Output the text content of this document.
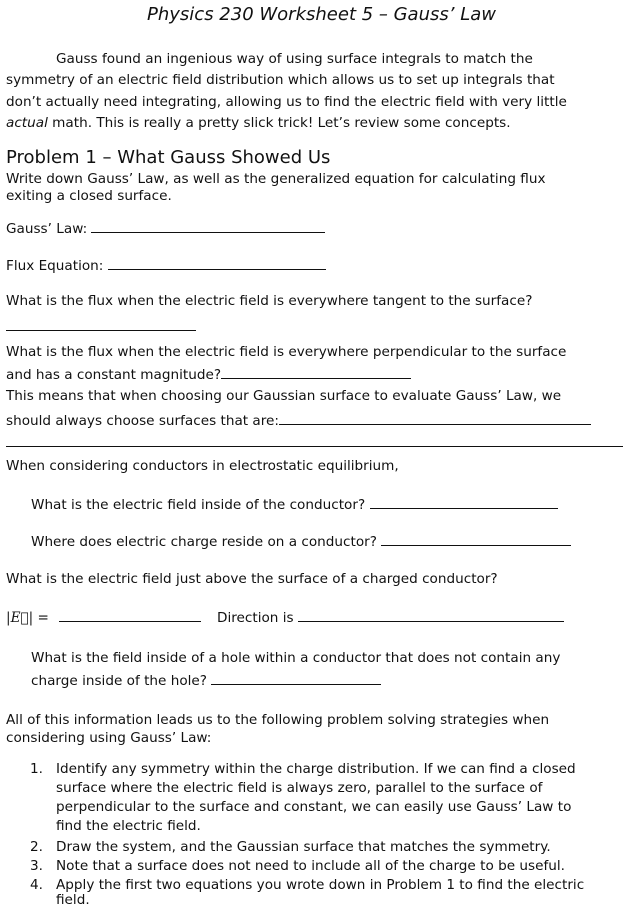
Physics 230 Worksheet 5 – Gauss’ Law
Gauss found an ingenious way of using surface integrals to match the
symmetry of an electric field distribution which allows us to set up integrals that
don’t actually need integrating, allowing us to find the electric field with very little
actual math. This is really a pretty slick trick! Let’s review some concepts.
Problem 1 – What Gauss Showed Us
Write down Gauss’ Law, as well as the generalized equation for calculating flux
exiting a closed surface.
Gauss’ Law:
Flux Equation:
What is the flux when the electric field is everywhere tangent to the surface?
What is the flux when the electric field is everywhere perpendicular to the surface
and has a constant magnitude?
This means that when choosing our Gaussian surface to evaluate Gauss’ Law, we
should always choose surfaces that are:
When considering conductors in electrostatic equilibrium,
What is the electric field inside of the conductor?
Where does electric charge reside on a conductor?
What is the electric field just above the surface of a charged conductor?
|E⃗| =	Direction is
What is the field inside of a hole within a conductor that does not contain any
charge inside of the hole?
All of this information leads us to the following problem solving strategies when
considering using Gauss’ Law:
1. Identify any symmetry within the charge distribution. If we can find a closed
surface where the electric field is always zero, parallel to the surface of
perpendicular to the surface and constant, we can easily use Gauss’ Law to
find the electric field.
2. Draw the system, and the Gaussian surface that matches the symmetry.
3. Note that a surface does not need to include all of the charge to be useful.
4. Apply the first two equations you wrote down in Problem 1 to find the electric
field.
